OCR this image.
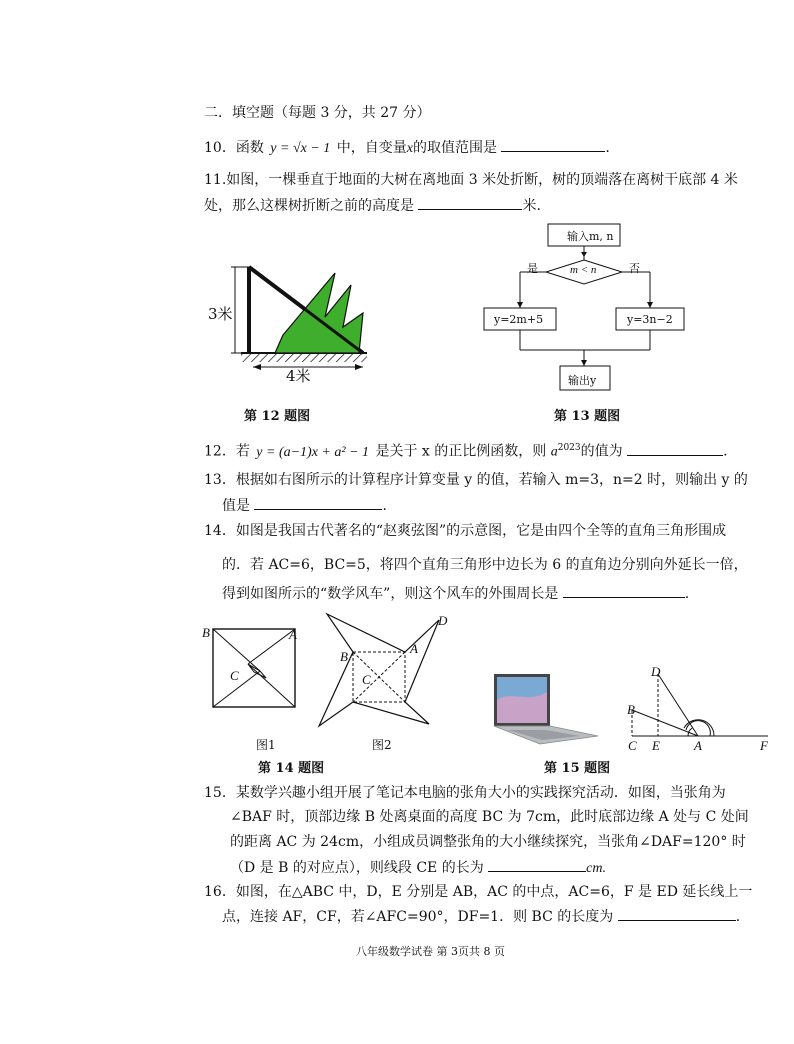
二．填空题（每题 3 分，共 27 分）
10．函数 y = √x − 1 中，自变量x的取值范围是	.
11.如图，一棵垂直于地面的大树在离地面 3 米处折断，树的顶端落在离树干底部 4 米
处，那么这棵树折断之前的高度是	米.
3米
4米
第 12 题图
输入m, n
m < n
是	否
y=2m+5	y=3n−2
输出y
第 13 题图
12．若 y = (a−1)x + a² − 1 是关于 x 的正比例函数，则 $a^{2023}$的值为	.
13．根据如右图所示的计算程序计算变量 y 的值，若输入 m=3，n=2 时，则输出 y 的
值是	.
14．如图是我国古代著名的“赵爽弦图”的示意图，它是由四个全等的直角三角形围成
的．若 AC=6，BC=5，将四个直角三角形中边长为 6 的直角边分别向外延长一倍，
得到如图所示的“数学风车”，则这个风车的外围周长是	.
B	A
C
图1
D
B
A
C
图2
第 14 题图
D
B
C E	A	F
第 15 题图
15．某数学兴趣小组开展了笔记本电脑的张角大小的实践探究活动．如图，当张角为
∠BAF 时，顶部边缘 B 处离桌面的高度 BC 为 7cm，此时底部边缘 A 处与 C 处间
的距离 AC 为 24cm，小组成员调整张角的大小继续探究，当张角∠DAF=120° 时
（D 是 B 的对应点），则线段 CE 的长为	cm.
16．如图，在△ABC 中，D，E 分别是 AB，AC 的中点，AC=6，F 是 ED 延长线上一
点，连接 AF，CF，若∠AFC=90°，DF=1．则 BC 的长度为	.
八年级数学试卷 第 3页共 8 页
